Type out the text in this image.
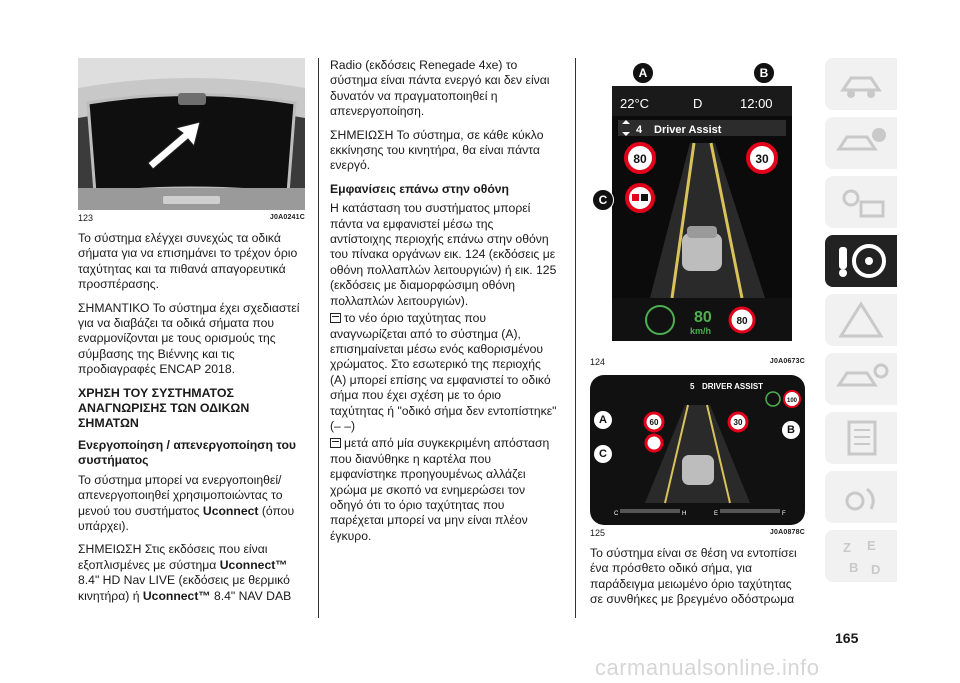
123	J0A0241C

Το σύστημα ελέγχει συνεχώς τα οδικά σήματα για να επισημάνει το τρέχον όριο ταχύτητας και τα πιθανά απαγορευτικά προσπέρασης.

ΣΗΜΑΝΤΙΚΟ Το σύστημα έχει σχεδιαστεί για να διαβάζει τα οδικά σήματα που εναρμονίζονται με τους ορισμούς της σύμβασης της Βιέννης και τις προδιαγραφές ENCAP 2018.

ΧΡΗΣΗ ΤΟΥ ΣΥΣΤΗΜΑΤΟΣ ΑΝΑΓΝΩΡΙΣΗΣ ΤΩΝ ΟΔΙΚΩΝ ΣΗΜΑΤΩΝ
Ενεργοποίηση / απενεργοποίηση του συστήματος

Το σύστημα μπορεί να ενεργοποιηθεί/απενεργοποιηθεί χρησιμοποιώντας το μενού του συστήματος Uconnect (όπου υπάρχει).

ΣΗΜΕΙΩΣΗ Στις εκδόσεις που είναι εξοπλισμένες με σύστημα Uconnect™ 8.4" HD Nav LIVE (εκδόσεις με θερμικό κινητήρα) ή Uconnect™ 8.4" NAV DAB

Radio (εκδόσεις Renegade 4xe) το σύστημα είναι πάντα ενεργό και δεν είναι δυνατόν να πραγματοποιηθεί η απενεργοποίηση.

ΣΗΜΕΙΩΣΗ Το σύστημα, σε κάθε κύκλο εκκίνησης του κινητήρα, θα είναι πάντα ενεργό.

Εμφανίσεις επάνω στην οθόνη

Η κατάσταση του συστήματος μπορεί πάντα να εμφανιστεί μέσω της αντίστοιχης περιοχής επάνω στην οθόνη του πίνακα οργάνων εικ. 124 (εκδόσεις με οθόνη πολλαπλών λειτουργιών) ή εικ. 125 (εκδόσεις με διαμορφώσιμη οθόνη πολλαπλών λειτουργιών).

το νέο όριο ταχύτητας που αναγνωρίζεται από το σύστημα (A), επισημαίνεται μέσω ενός καθορισμένου χρώματος. Στο εσωτερικό της περιοχής (A) μπορεί επίσης να εμφανιστεί το οδικό σήμα που έχει σχέση με το όριο ταχύτητας ή "οδικό σήμα δεν εντοπίστηκε" (– –)

μετά από μία συγκεκριμένη απόσταση που διανύθηκε η καρτέλα που εμφανίστηκε προηγουμένως αλλάζει χρώμα με σκοπό να ενημερώσει τον οδηγό ότι το όριο ταχύτητας που παρέχεται μπορεί να μην είναι πλέον έγκυρο.

22°C	D	12:00
4 Driver Assist
80	30
80
km/h
80
A	B
C
124	J0A0673C
5 DRIVER ASSIST
60	30
100
C	H	E	F
A
B
C
125	J0A0878C

Το σύστημα είναι σε θέση να εντοπίσει ένα πρόσθετο οδικό σήμα, για παράδειγμα μειωμένο όριο ταχύτητας σε συνθήκες με βρεγμένο οδόστρωμα

Z E
B D
165
carmanualsonline.info
